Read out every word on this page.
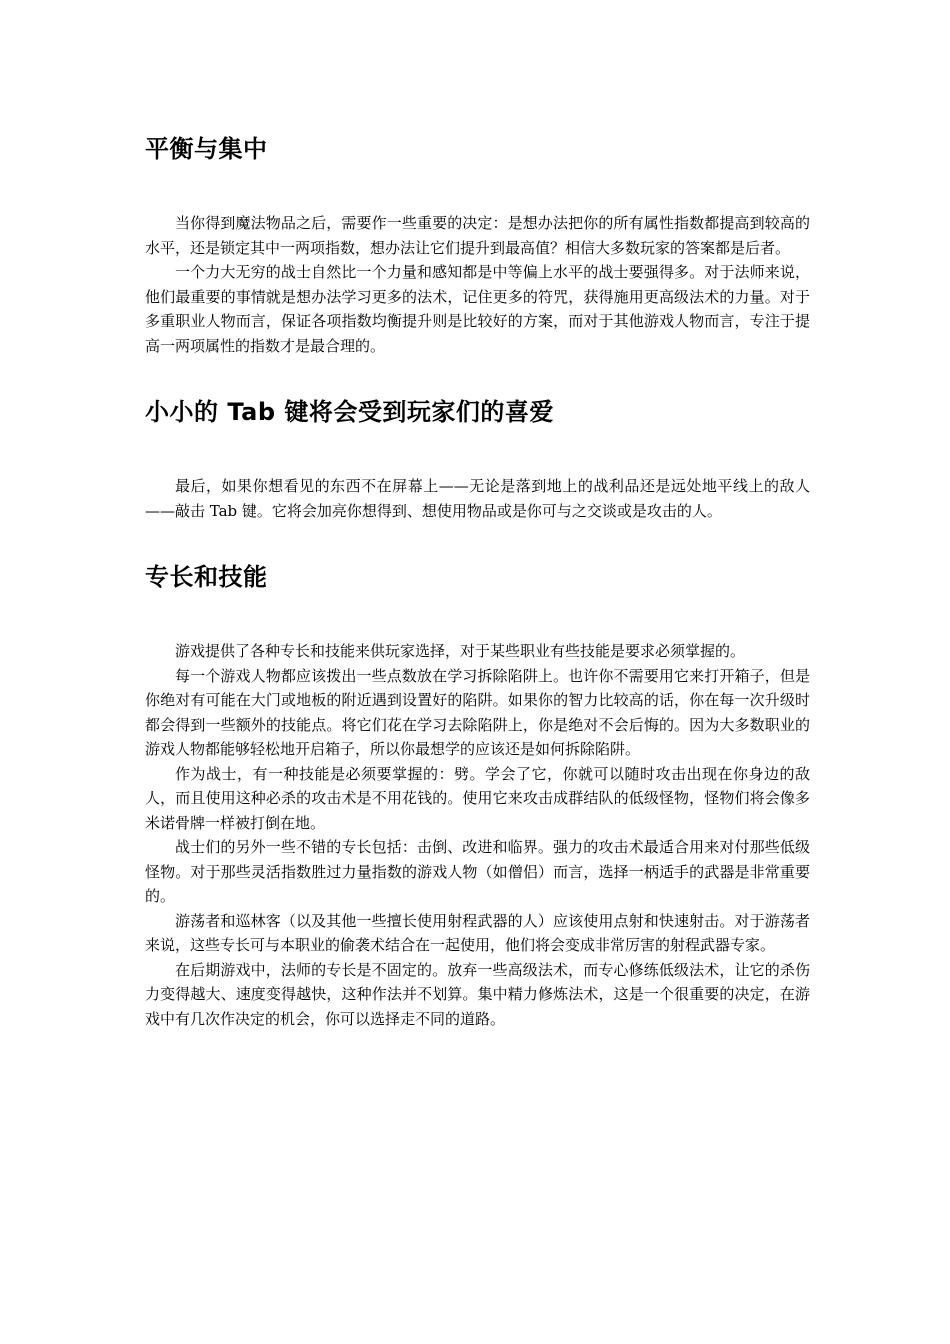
平衡与集中

当你得到魔法物品之后，需要作一些重要的决定：是想办法把你的所有属性指数都提高到较高的水平，还是锁定其中一两项指数，想办法让它们提升到最高值？相信大多数玩家的答案都是后者。

一个力大无穷的战士自然比一个力量和感知都是中等偏上水平的战士要强得多。对于法师来说，他们最重要的事情就是想办法学习更多的法术，记住更多的符咒，获得施用更高级法术的力量。对于多重职业人物而言，保证各项指数均衡提升则是比较好的方案，而对于其他游戏人物而言，专注于提高一两项属性的指数才是最合理的。

小小的 Tab 键将会受到玩家们的喜爱

最后，如果你想看见的东西不在屏幕上——无论是落到地上的战利品还是远处地平线上的敌人——敲击 Tab 键。它将会加亮你想得到、想使用物品或是你可与之交谈或是攻击的人。

专长和技能

游戏提供了各种专长和技能来供玩家选择，对于某些职业有些技能是要求必须掌握的。

每一个游戏人物都应该拨出一些点数放在学习拆除陷阱上。也许你不需要用它来打开箱子，但是你绝对有可能在大门或地板的附近遇到设置好的陷阱。如果你的智力比较高的话，你在每一次升级时都会得到一些额外的技能点。将它们花在学习去除陷阱上，你是绝对不会后悔的。因为大多数职业的游戏人物都能够轻松地开启箱子，所以你最想学的应该还是如何拆除陷阱。

作为战士，有一种技能是必须要掌握的：劈。学会了它，你就可以随时攻击出现在你身边的敌人，而且使用这种必杀的攻击术是不用花钱的。使用它来攻击成群结队的低级怪物，怪物们将会像多米诺骨牌一样被打倒在地。

战士们的另外一些不错的专长包括：击倒、改进和临界。强力的攻击术最适合用来对付那些低级怪物。对于那些灵活指数胜过力量指数的游戏人物（如僧侣）而言，选择一柄适手的武器是非常重要的。

游荡者和巡林客（以及其他一些擅长使用射程武器的人）应该使用点射和快速射击。对于游荡者来说，这些专长可与本职业的偷袭术结合在一起使用，他们将会变成非常厉害的射程武器专家。

在后期游戏中，法师的专长是不固定的。放弃一些高级法术，而专心修练低级法术，让它的杀伤力变得越大、速度变得越快，这种作法并不划算。集中精力修炼法术，这是一个很重要的决定，在游戏中有几次作决定的机会，你可以选择走不同的道路。
